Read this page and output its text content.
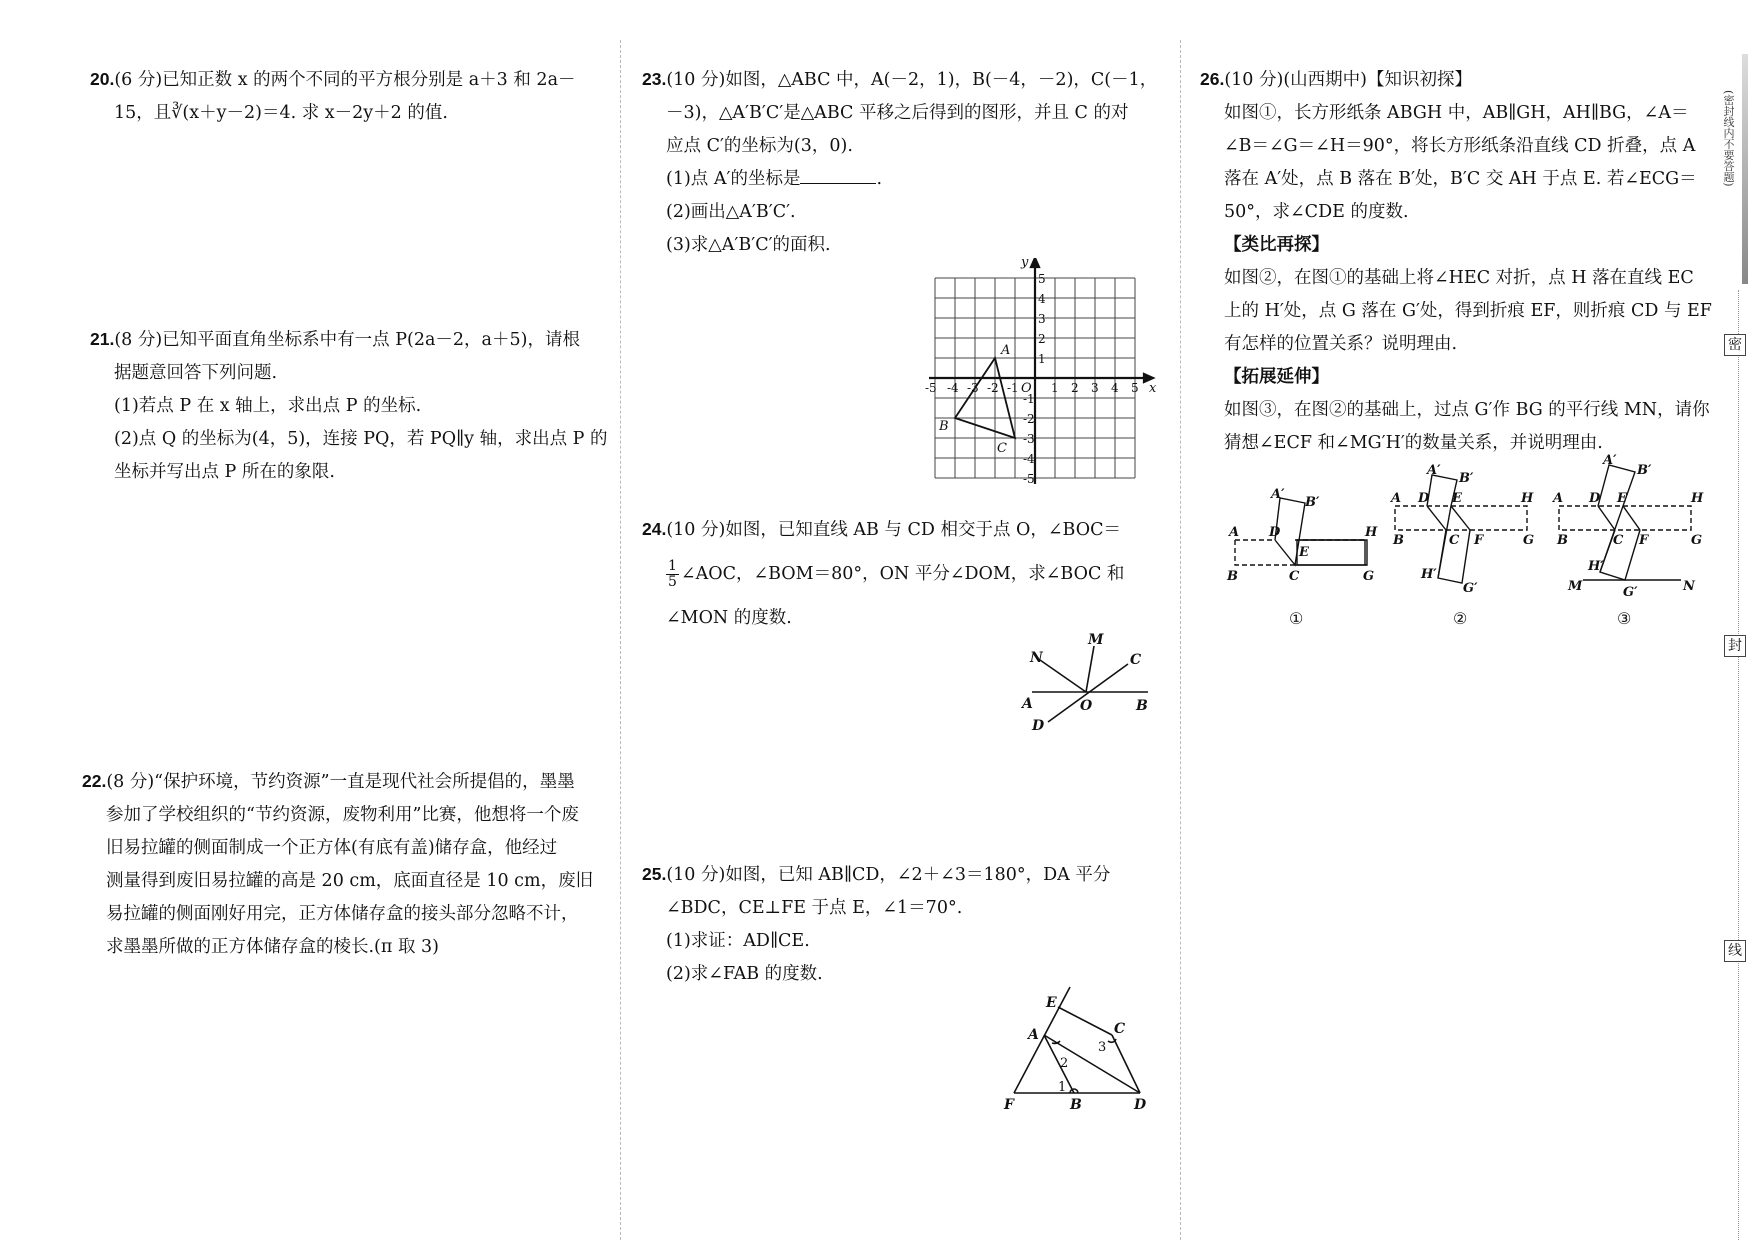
20.(6 分)已知正数 x 的两个不同的平方根分别是 a＋3 和 2a－
15，且∛(x＋y－2)＝4. 求 x－2y＋2 的值.
21.(8 分)已知平面直角坐标系中有一点 P(2a－2，a＋5)，请根
据题意回答下列问题.
(1)若点 P 在 x 轴上，求出点 P 的坐标.
(2)点 Q 的坐标为(4，5)，连接 PQ，若 PQ∥y 轴，求出点 P 的
坐标并写出点 P 所在的象限.
22.(8 分)“保护环境，节约资源”一直是现代社会所提倡的，墨墨
参加了学校组织的“节约资源，废物利用”比赛，他想将一个废
旧易拉罐的侧面制成一个正方体(有底有盖)储存盒，他经过
测量得到废旧易拉罐的高是 20 cm，底面直径是 10 cm，废旧
易拉罐的侧面刚好用完，正方体储存盒的接头部分忽略不计，
求墨墨所做的正方体储存盒的棱长.(π 取 3)
23.(10 分)如图，△ABC 中，A(－2，1)，B(－4，－2)，C(－1，
－3)，△A′B′C′是△ABC 平移之后得到的图形，并且 C 的对
应点 C′的坐标为(3，0).
(1)点 A′的坐标是	.
(2)画出△A′B′C′.
(3)求△A′B′C′的面积.
y
x
O
A
B
C
-5 -4 -3 -2 -1	1 2 3 4 5
5
4
3
2
1
-1
-2
-3
-4
-5
24.(10 分)如图，已知直线 AB 与 CD 相交于点 O，∠BOC＝
$\frac{1}{5}$ ∠AOC，∠BOM＝80°，ON 平分∠DOM，求∠BOC 和
∠MON 的度数.
N
M
C
A	O	B
D
25.(10 分)如图，已知 AB∥CD，∠2＋∠3＝180°，DA 平分
∠BDC，CE⊥FE 于点 E，∠1＝70°.
(1)求证：AD∥CE.
(2)求∠FAB 的度数.
E
A	C
F	B	D
2
3
1
26.(10 分)(山西期中)【知识初探】
如图①，长方形纸条 ABGH 中，AB∥GH，AH∥BG，∠A＝
∠B＝∠G＝∠H＝90°，将长方形纸条沿直线 CD 折叠，点 A
落在 A′处，点 B 落在 B′处，B′C 交 AH 于点 E. 若∠ECG＝
50°，求∠CDE 的度数.
【类比再探】
如图②，在图①的基础上将∠HEC 对折，点 H 落在直线 EC
上的 H′处，点 G 落在 G′处，得到折痕 EF，则折痕 CD 与 EF
有怎样的位置关系？说明理由.
【拓展延伸】
如图③，在图②的基础上，过点 G′作 BG 的平行线 MN，请你
猜想∠ECF 和∠MG′H′的数量关系，并说明理由.
A D
A′
B′
H
E
B	C	G
A D
A′
B′
E	H
B	C F	G
H′
G′
A D
A′
B′
E	H
B	C F	G
H′
M	G′	N
①	②	③
(密封线内不要答题)
密
封
线
